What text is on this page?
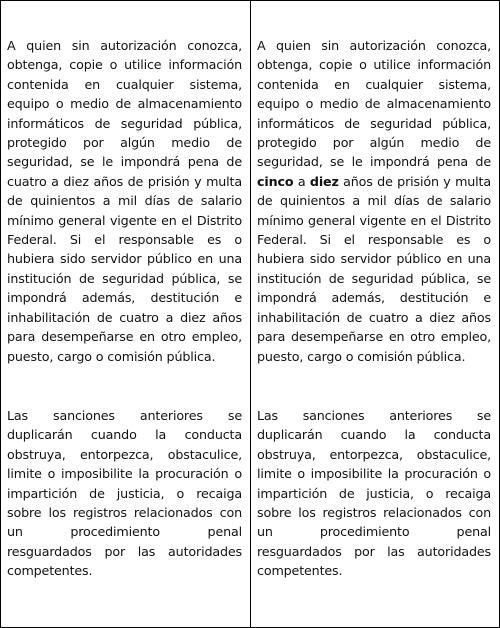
A quien sin autorización conozca, obtenga, copie o utilice información contenida en cualquier sistema, equipo o medio de almacenamiento informáticos de seguridad pública, protegido por algún medio de seguridad, se le impondrá pena de cuatro a diez años de prisión y multa de quinientos a mil días de salario mínimo general vigente en el Distrito Federal. Si el responsable es o hubiera sido servidor público en una institución de seguridad pública, se impondrá además, destitución e inhabilitación de cuatro a diez años para desempeñarse en otro empleo, puesto, cargo o comisión pública.

Las sanciones anteriores se duplicarán cuando la conducta obstruya, entorpezca, obstaculice, limite o imposibilite la procuración o impartición de justicia, o recaiga sobre los registros relacionados con un procedimiento penal resguardados por las autoridades competentes.

A quien sin autorización conozca, obtenga, copie o utilice información contenida en cualquier sistema, equipo o medio de almacenamiento informáticos de seguridad pública, protegido por algún medio de seguridad, se le impondrá pena de cinco a diez años de prisión y multa de quinientos a mil días de salario mínimo general vigente en el Distrito Federal. Si el responsable es o hubiera sido servidor público en una institución de seguridad pública, se impondrá además, destitución e inhabilitación de cuatro a diez años para desempeñarse en otro empleo, puesto, cargo o comisión pública.

Las sanciones anteriores se duplicarán cuando la conducta obstruya, entorpezca, obstaculice, limite o imposibilite la procuración o impartición de justicia, o recaiga sobre los registros relacionados con un procedimiento penal resguardados por las autoridades competentes.
